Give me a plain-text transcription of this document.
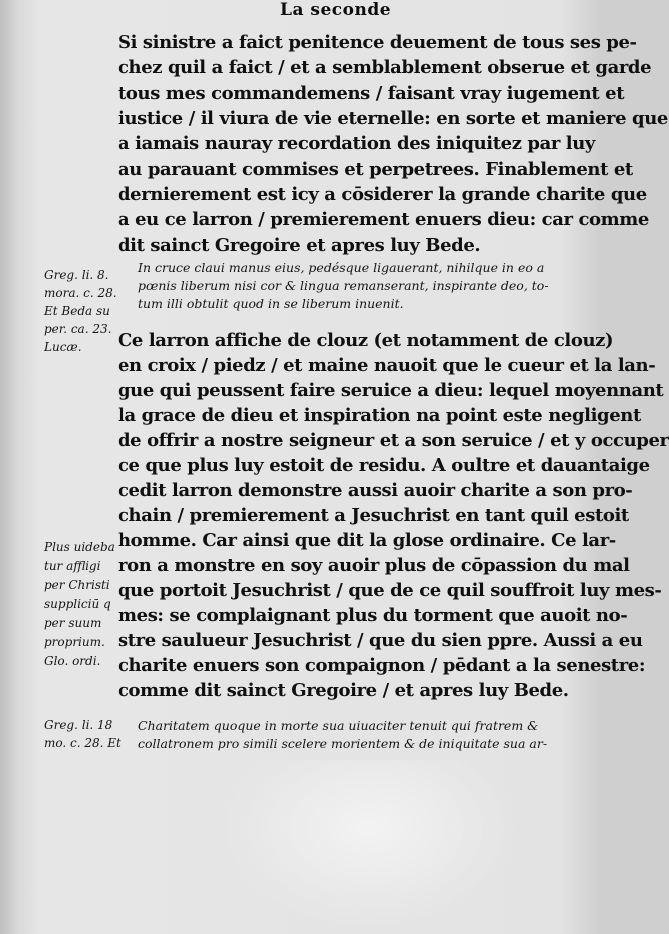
La seconde
Si sinistre a faict penitence deuement de tous ses pe-
chez quil a faict / et a semblablement obserue et garde
tous mes commandemens / faisant vray iugement et
iustice / il viura de vie eternelle: en sorte et maniere que
a iamais nauray recordation des iniquitez par luy
au parauant commises et perpetrees. Finablement et
dernierement est icy a cōsiderer la grande charite que
a eu ce larron / premierement enuers dieu: car comme
dit sainct Gregoire et apres luy Bede.
In cruce claui manus eius, pedésque ligauerant, nihilque in eo a
pœnis liberum nisi cor & lingua remanserant, inspirante deo, to-
tum illi obtulit quod in se liberum inuenit.
Ce larron affiche de clouz (et notamment de clouz)
en croix / piedz / et maine nauoit que le cueur et la lan-
gue qui peussent faire seruice a dieu: lequel moyennant
la grace de dieu et inspiration na point este negligent
de offrir a nostre seigneur et a son seruice / et y occuper
ce que plus luy estoit de residu. A oultre et dauantaige
cedit larron demonstre aussi auoir charite a son pro-
chain / premierement a Jesuchrist en tant quil estoit
homme. Car ainsi que dit la glose ordinaire. Ce lar-
ron a monstre en soy auoir plus de cōpassion du mal
que portoit Jesuchrist / que de ce quil souffroit luy mes-
mes: se complaignant plus du torment que auoit no-
stre saulueur Jesuchrist / que du sien ppre. Aussi a eu
charite enuers son compaignon / pēdant a la senestre:
comme dit sainct Gregoire / et apres luy Bede.
Charitatem quoque in morte sua uiuaciter tenuit qui fratrem &
collatronem pro simili scelere morientem & de iniquitate sua ar-
Greg. li. 8.
mora. c. 28.
Et Beda su
per. ca. 23.
Lucæ.
Plus uideba
tur affligi
per Christi
suppliciū q
per suum
proprium.
Glo. ordi.
Greg. li. 18
mo. c. 28. Et
